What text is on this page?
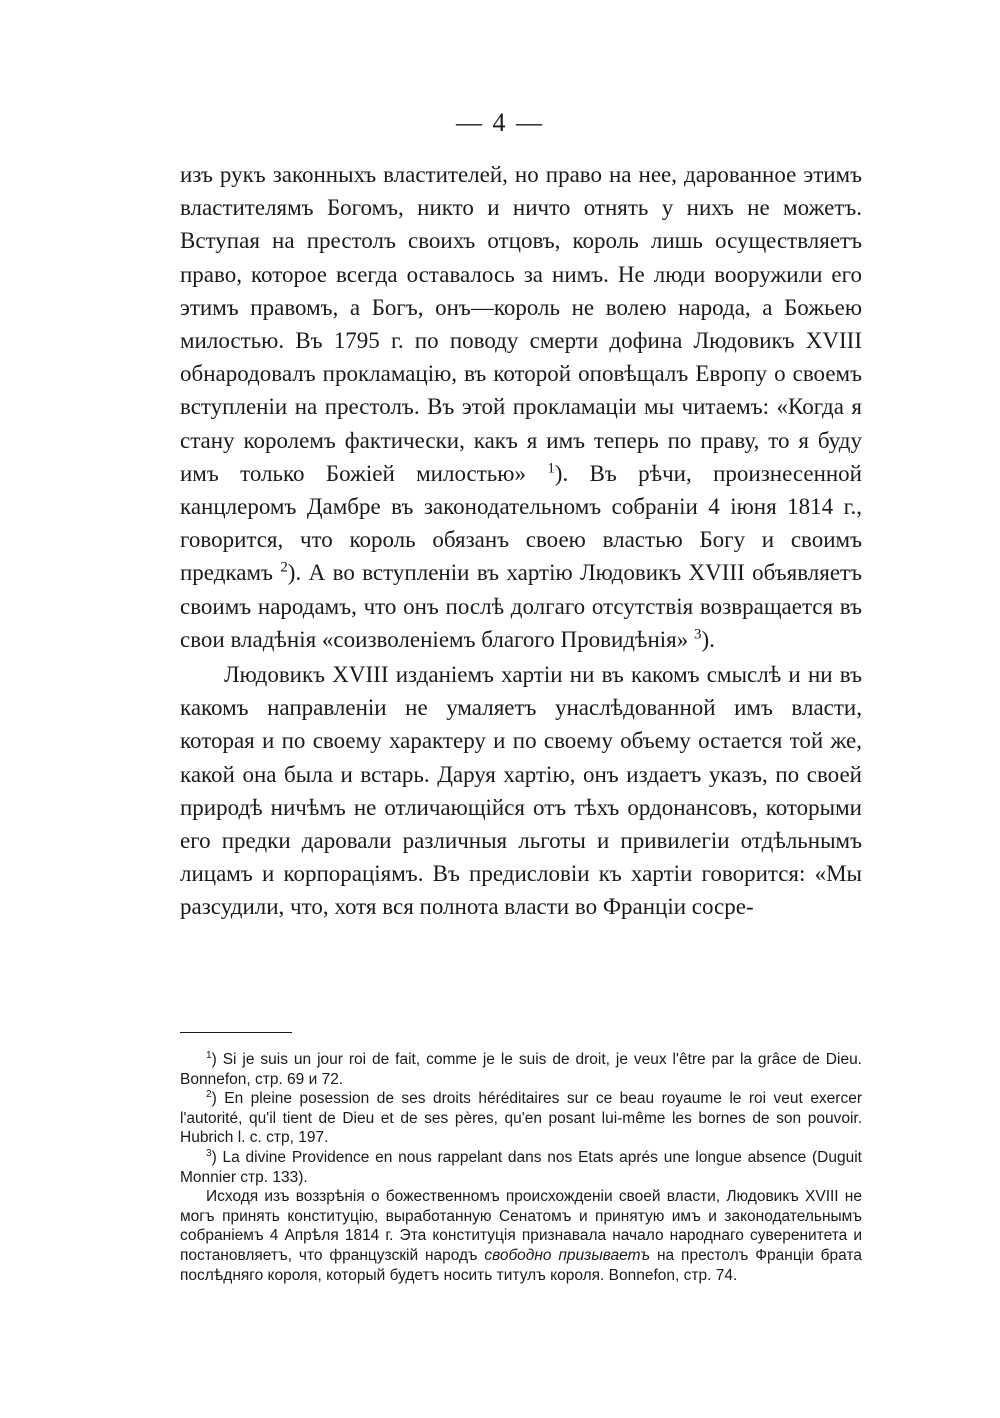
— 4 —

изъ рукъ законныхъ властителей, но право на нее, дарованное этимъ властителямъ Богомъ, никто и ничто отнять у нихъ не можетъ. Вступая на престолъ своихъ отцовъ, король лишь осуществляетъ право, которое всегда оставалось за нимъ. Не люди вооружили его этимъ правомъ, а Богъ, онъ—король не волею народа, а Божьею милостью. Въ 1795 г. по поводу смерти дофина Людовикъ XVIII обнародовалъ прокламацію, въ которой оповѣщалъ Европу о своемъ вступленіи на престолъ. Въ этой прокламаціи мы читаемъ: «Когда я стану королемъ фактически, какъ я имъ теперь по праву, то я буду имъ только Божіей милостью» $^1$). Въ рѣчи, произнесенной канцлеромъ Дамбре въ законодательномъ собраніи 4 іюня 1814 г., говорится, что король обязанъ своею властью Богу и своимъ предкамъ $^2$). А во вступленіи въ хартію Людовикъ XVIII объявляетъ своимъ народамъ, что онъ послѣ долгаго отсутствія возвращается въ свои владѣнія «соизволеніемъ благого Провидѣнія» $^3$).

Людовикъ XVIII изданіемъ хартіи ни въ какомъ смыслѣ и ни въ какомъ направленіи не умаляетъ унаслѣдованной имъ власти, которая и по своему характеру и по своему объему остается той же, какой она была и встарь. Даруя хартію, онъ издаетъ указъ, по своей природѣ ничѣмъ не отличающійся отъ тѣхъ ордонансовъ, которыми его предки даровали различныя льготы и привилегіи отдѣльнымъ лицамъ и корпораціямъ. Въ предисловіи къ хартіи говорится: «Мы разсудили, что, хотя вся полнота власти во Франціи сосре-

$^1$) Si je suis un jour roi de fait, comme je le suis de droit, je veux l'être par la grâce de Dieu. Bonnefon, стр. 69 и 72.

$^2$) En pleine posession de ses droits héréditaires sur ce beau royaume le roi veut exercer l'autorité, qu'il tient de Dieu et de ses pères, qu'en posant lui-même les bornes de son pouvoir. Hubrich l. c. стр, 197.

$^3$) La divine Providence en nous rappelant dans nos Etats aprés une longue absence (Duguit Monnier стр. 133).

Исходя изъ воззрѣнія о божественномъ происхожденіи своей власти, Людовикъ XVIII не могъ принять конституцію, выработанную Сенатомъ и принятую имъ и законодательнымъ собраніемъ 4 Апрѣля 1814 г. Эта конституція признавала начало народнаго суверенитета и постановляетъ, что французскій народъ свободно призываетъ на престолъ Франціи брата послѣдняго короля, который будетъ носить титулъ короля. Bonnefon, стр. 74.
